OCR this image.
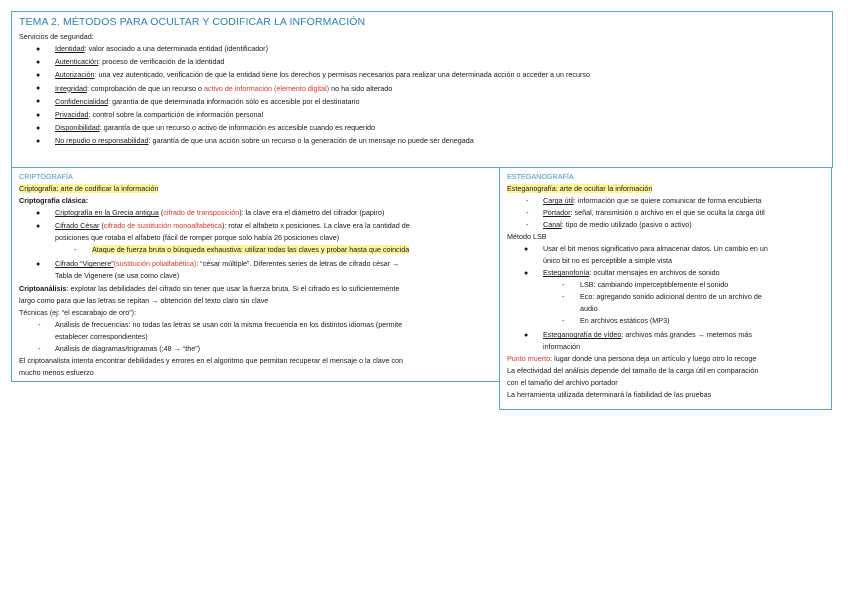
TEMA 2. MÉTODOS PARA OCULTAR Y CODIFICAR LA INFORMACIÓN
Servicios de seguridad:
● Identidad: valor asociado a una determinada entidad (identificador)
● Autenticación: proceso de verificación de la identidad
● Autorización: una vez autenticado, verificación de que la entidad tiene los derechos y permisos necesarios para realizar una determinada acción o acceder a un recurso
● Integridad: comprobación de que un recurso o activo de información (elemento digital) no ha sido alterado
● Confidencialidad: garantía de que determinada información sólo es accesible por el destinatario
● Privacidad: control sobre la compartición de información personal
● Disponibilidad: garantía de que un recurso o activo de información es accesible cuando es requerido
● No repudio o responsabilidad: garantía de que una acción sobre un recurso o la generación de un mensaje no puede ser denegada
CRIPTOGRAFÍA
Criptografía: arte de codificar la información
Criptografía clásica:
● Criptografía en la Grecia antigua (cifrado de transposición): la clave era el diámetro del cifrador (papiro)
● Cifrado César (cifrado de sustitución monoalfabética): rotar el alfabeto x posiciones. La clave era la cantidad de
posiciones que rotaba el alfabeto (fácil de romper porque solo había 26 posiciones clave)
- Ataque de fuerza bruta o búsqueda exhaustiva: utilizar todas las claves y probar hasta que coincida
● Cifrado “Vigenere”(sustitución polialfabética): “césar múltiple”. Diferentes series de letras de cifrado césar →
Tabla de Vigenere (se usa como clave)
Criptoanálisis: explotar las debilidades del cifrado sin tener que usar la fuerza bruta. Si el cifrado es lo suficientemente
largo como para que las letras se repitan → obtención del texto claro sin clave
Técnicas (ej: “el escarabajo de oro”):
- Análisis de frecuencias: no todas las letras se usan con la misma frecuencia en los distintos idiomas (permite
establecer correspondientes)
- Análisis de diagramas/trigramas (;48 → “the”)
El criptoanalista intenta encontrar debilidades y errores en el algoritmo que permitan recuperar el mensaje o la clave con
mucho menos esfuerzo
ESTEGANOGRAFÍA
Esteganografía: arte de ocultar la información
- Carga útil: información que se quiere comunicar de forma encubierta
- Portador: señal, transmisión o archivo en el que se oculta la carga útil
- Canal: tipo de medio utilizado (pasivo o activo)
Método LSB
● Usar el bit menos significativo para almacenar datos. Un cambio en un
único bit no es perceptible a simple vista
● Esteganofonía: ocultar mensajes en archivos de sonido
- LSB: cambiando imperceptiblemente el sonido
- Eco: agregando sonido adicional dentro de un archivo de
audio
- En archivos estáticos (MP3)
● Esteganografía de vídeo: archivos más grandes → metemos más
información
Punto muerto: lugar donde una persona deja un artículo y luego otro lo recoge
La efectividad del análisis depende del tamaño de la carga útil en comparación
con el tamaño del archivo portador
La herramienta utilizada determinará la fiabilidad de las pruebas
